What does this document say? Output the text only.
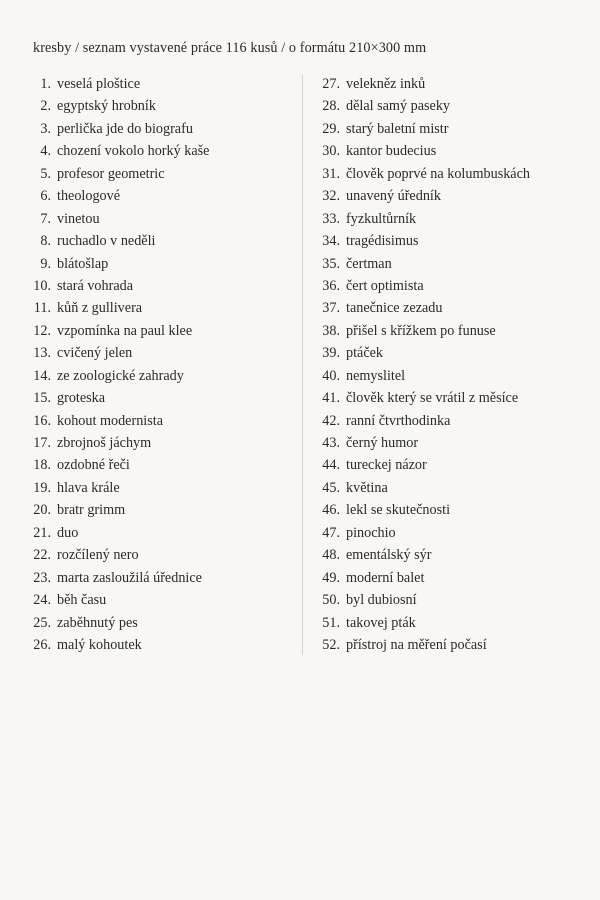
kresby / seznam vystavené práce 116 kusů / o formátu 210×300 mm
1. veselá ploštice
2. egyptský hrobník
3. perlička jde do biografu
4. chození vokolo horký kaše
5. profesor geometric
6. theologové
7. vinetou
8. ruchadlo v neděli
9. blátošlap
10. stará vohrada
11. kůň z gullivera
12. vzpomínka na paul klee
13. cvičený jelen
14. ze zoologické zahrady
15. groteska
16. kohout modernista
17. zbrojnoš jáchym
18. ozdobné řeči
19. hlava krále
20. bratr grimm
21. duo
22. rozčílený nero
23. marta zasloužilá úřednice
24. běh času
25. zaběhnutý pes
26. malý kohoutek
27. velekněz inků
28. dělal samý paseky
29. starý baletní mistr
30. kantor budecius
31. člověk poprvé na kolumbuskách
32. unavený úředník
33. fyzkultůrník
34. tragédisimus
35. čertman
36. čert optimista
37. tanečnice zezadu
38. přišel s křížkem po funuse
39. ptáček
40. nemyslitel
41. člověk který se vrátil z měsíce
42. ranní čtvrthodinka
43. černý humor
44. tureckej názor
45. květina
46. lekl se skutečnosti
47. pinochio
48. ementálský sýr
49. moderní balet
50. byl dubiosní
51. takovej pták
52. přístroj na měření počasí
